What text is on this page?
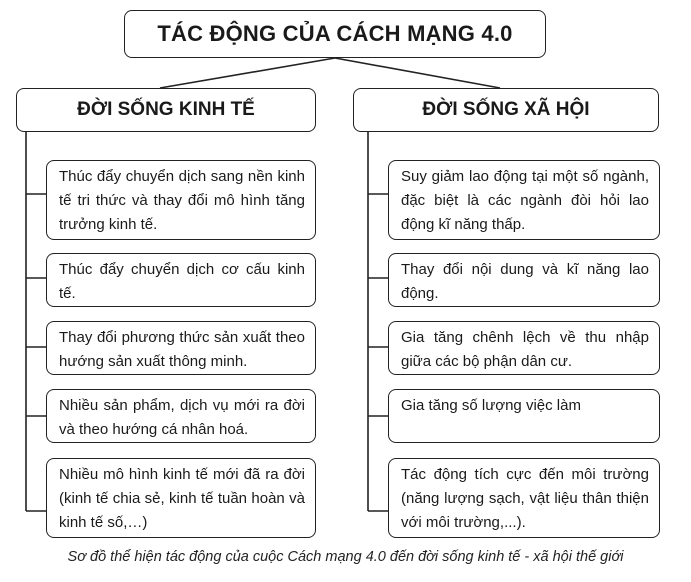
TÁC ĐỘNG CỦA CÁCH MẠNG 4.0
ĐỜI SỐNG KINH TẾ	ĐỜI SỐNG XÃ HỘI
Thúc đẩy chuyển dịch sang nền kinh tế tri thức và thay đổi mô hình tăng trưởng kinh tế.
Thúc đẩy chuyển dịch cơ cấu kinh tế.
Thay đổi phương thức sản xuất theo hướng sản xuất thông minh.
Nhiều sản phẩm, dịch vụ mới ra đời và theo hướng cá nhân hoá.
Nhiều mô hình kinh tế mới đã ra đời (kinh tế chia sẻ, kinh tế tuần hoàn và kinh tế số,…)
Suy giảm lao động tại một số ngành, đặc biệt là các ngành đòi hỏi lao động kĩ năng thấp.
Thay đổi nội dung và kĩ năng lao động.
Gia tăng chênh lệch về thu nhập giữa các bộ phận dân cư.
Gia tăng số lượng việc làm
Tác động tích cực đến môi trường (năng lượng sạch, vật liệu thân thiện với môi trường,...).
Sơ đồ thể hiện tác động của cuộc Cách mạng 4.0 đến đời sống kinh tế - xã hội thế giới
